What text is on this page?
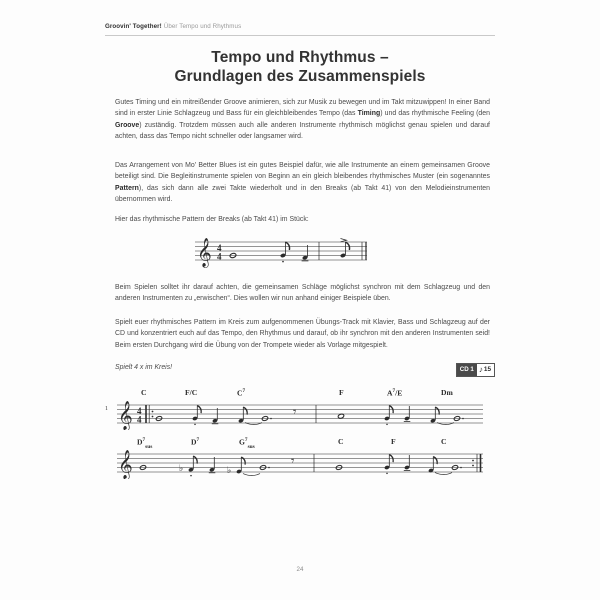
Groovin' Together! Über Tempo und Rhythmus
Tempo und Rhythmus –
Grundlagen des Zusammenspiels
Gutes Timing und ein mitreißender Groove animieren, sich zur Musik zu bewegen und im Takt mitzuwippen! In einer Band sind in erster Linie Schlagzeug und Bass für ein gleichbleibendes Tempo (das Timing) und das rhythmische Feeling (den Groove) zuständig. Trotzdem müssen auch alle anderen Instrumente rhythmisch möglichst genau spielen und darauf achten, dass das Tempo nicht schneller oder langsamer wird.
Das Arrangement von Mo' Better Blues ist ein gutes Beispiel dafür, wie alle Instrumente an einem gemeinsamen Groove beteiligt sind. Die Begleitinstrumente spielen von Beginn an ein gleich bleibendes rhythmisches Muster (ein sogenanntes Pattern), das sich dann alle zwei Takte wiederholt und in den Breaks (ab Takt 41) von den Melodieinstrumenten übernommen wird.
Hier das rhythmische Pattern der Breaks (ab Takt 41) im Stück:
𝄞 4
4
Beim Spielen solltet ihr darauf achten, die gemeinsamen Schläge möglichst synchron mit dem Schlagzeug und den anderen Instrumenten zu „erwischen“. Dies wollen wir nun anhand einiger Beispiele üben.
Spielt euer rhythmisches Pattern im Kreis zum aufgenommenen Übungs-Track mit Klavier, Bass und Schlagzeug auf der CD und konzentriert euch auf das Tempo, den Rhythmus und darauf, ob ihr synchron mit den anderen Instrumenten seid! Beim ersten Durchgang wird die Übung von der Trompete wieder als Vorlage mitgespielt.
Spielt 4 x im Kreis!	CD 1 ♪ 15
C	F/C	$C^7$	F	$A^7/E$	Dm
1 𝄞 4
4	𝄾
$D^7_{sus}$
$D^7$	$G^7_{sus}$
C	F	C
𝄞	♭	♭
𝄾
24
